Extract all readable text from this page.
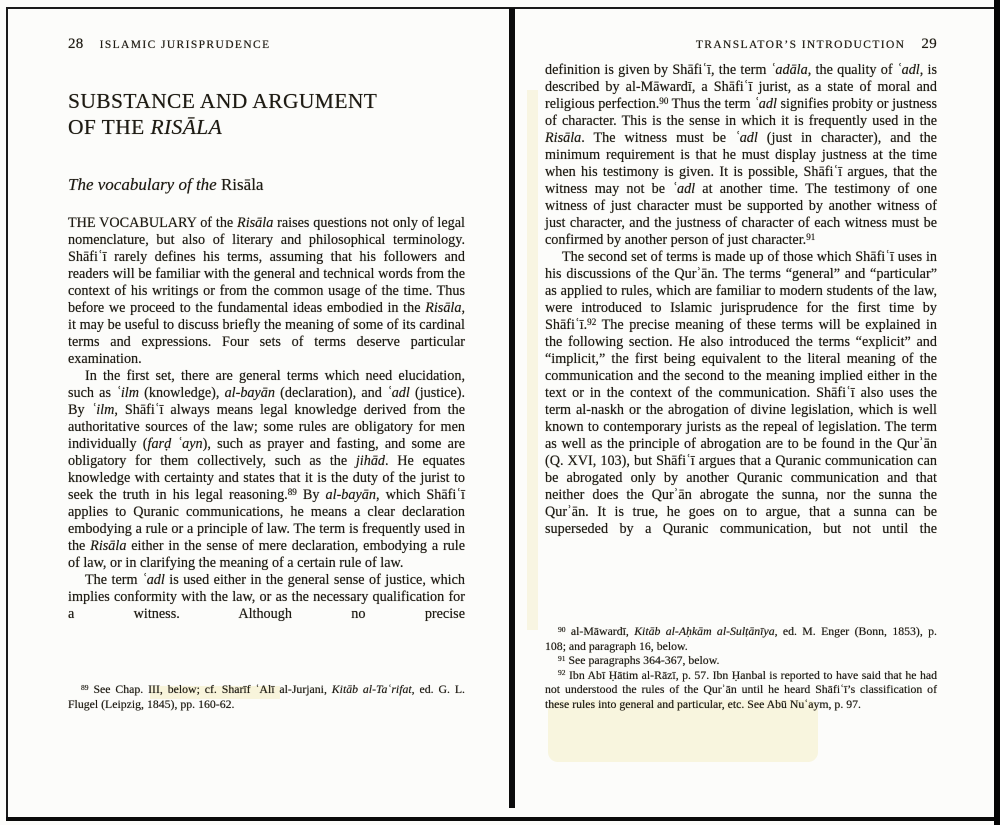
28 ISLAMIC JURISPRUDENCE
SUBSTANCE AND ARGUMENT
OF THE RISĀLA
The vocabulary of the Risāla

THE VOCABULARY of the Risāla raises questions not only of legal nomenclature, but also of literary and philosophical terminology. Shāfiʿī rarely defines his terms, assuming that his followers and readers will be familiar with the general and technical words from the context of his writings or from the common usage of the time. Thus before we proceed to the fundamental ideas embodied in the Risāla, it may be useful to discuss briefly the meaning of some of its cardinal terms and expressions. Four sets of terms deserve particular examination.

In the first set, there are general terms which need elucidation, such as ʿilm (knowledge), al-bayān (declaration), and ʿadl (justice). By ʿilm, Shāfiʿī always means legal knowledge derived from the authoritative sources of the law; some rules are obligatory for men individually (farḍ ʿayn), such as prayer and fasting, and some are obligatory for them collectively, such as the jihād. He equates knowledge with certainty and states that it is the duty of the jurist to seek the truth in his legal reasoning.$^{89}$ By al-bayān, which Shāfiʿī applies to Quranic communications, he means a clear declaration embodying a rule or a principle of law. The term is frequently used in the Risāla either in the sense of mere declaration, embodying a rule of law, or in clarifying the meaning of a certain rule of law.

The term ʿadl is used either in the general sense of justice, which implies conformity with the law, or as the necessary qualification for a witness. Although no precise

$^{89}$ See Chap. III, below; cf. Sharīf ʿAlī al-Jurjani, Kitāb al-Taʿrifat, ed. G. L. Flugel (Leipzig, 1845), pp. 160-62.

TRANSLATOR’S INTRODUCTION 29

definition is given by Shāfiʿī, the term ʿadāla, the quality of ʿadl, is described by al-Māwardī, a Shāfiʿī jurist, as a state of moral and religious perfection.$^{90}$ Thus the term ʿadl signifies probity or justness of character. This is the sense in which it is frequently used in the Risāla. The witness must be ʿadl (just in character), and the minimum requirement is that he must display justness at the time when his testimony is given. It is possible, Shāfiʿī argues, that the witness may not be ʿadl at another time. The testimony of one witness of just character must be supported by another witness of just character, and the justness of character of each witness must be confirmed by another person of just character.$^{91}$

The second set of terms is made up of those which Shāfiʿī uses in his discussions of the Qurʾān. The terms “general” and “particular” as applied to rules, which are familiar to modern students of the law, were introduced to Islamic jurisprudence for the first time by Shāfiʿī.$^{92}$ The precise meaning of these terms will be explained in the following section. He also introduced the terms “explicit” and “implicit,” the first being equivalent to the literal meaning of the communication and the second to the meaning implied either in the text or in the context of the communication. Shāfiʿī also uses the term al-naskh or the abrogation of divine legislation, which is well known to contemporary jurists as the repeal of legislation. The term as well as the principle of abrogation are to be found in the Qurʾān (Q. XVI, 103), but Shāfiʿī argues that a Quranic communication can be abrogated only by another Quranic communication and that neither does the Qurʾān abrogate the sunna, nor the sunna the Qurʾān. It is true, he goes on to argue, that a sunna can be superseded by a Quranic communication, but not until the

$^{90}$ al-Māwardī, Kitāb al-Aḥkām al-Sulṭānīya, ed. M. Enger (Bonn, 1853), p. 108; and paragraph 16, below.

$^{91}$ See paragraphs 364-367, below.

$^{92}$ Ibn Abī Ḥātim al-Rāzī, p. 57. Ibn Ḥanbal is reported to have said that he had not understood the rules of the Qurʾān until he heard Shāfiʿī’s classification of these rules into general and particular, etc. See Abū Nuʿaym, p. 97.
